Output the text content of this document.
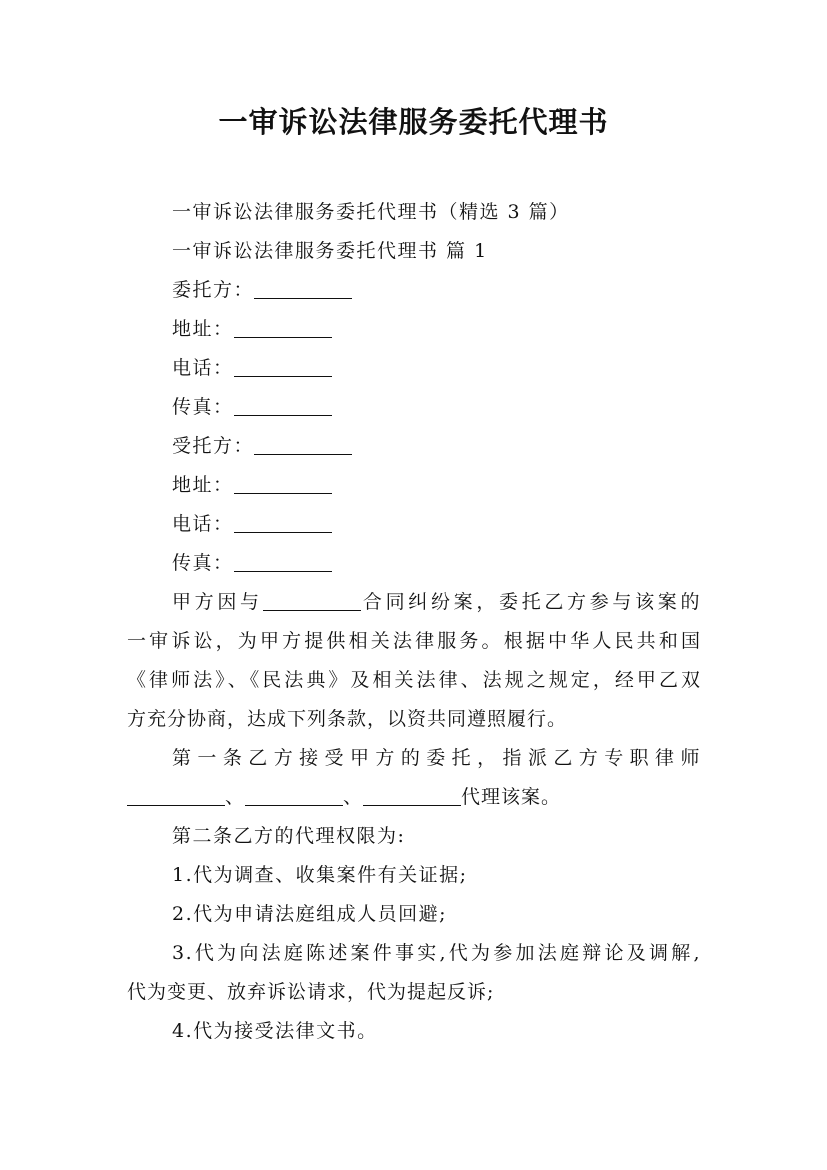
一审诉讼法律服务委托代理书
一审诉讼法律服务委托代理书（精选 3 篇）
一审诉讼法律服务委托代理书 篇 1
委托方：
地址：
电话：
传真：
受托方：
地址：
电话：
传真：
甲方因与	合同纠纷案，委托乙方参与该案的
一审诉讼，为甲方提供相关法律服务。根据中华人民共和国
《律师法》、《民法典》及相关法律、法规之规定，经甲乙双
方充分协商，达成下列条款，以资共同遵照履行。
第一条乙方接受甲方的委托，指派乙方专职律师
、	、	代理该案。
第二条乙方的代理权限为:
1.代为调查、收集案件有关证据;
2.代为申请法庭组成人员回避;
3.代为向法庭陈述案件事实,代为参加法庭辩论及调解,
代为变更、放弃诉讼请求，代为提起反诉;
4.代为接受法律文书。
